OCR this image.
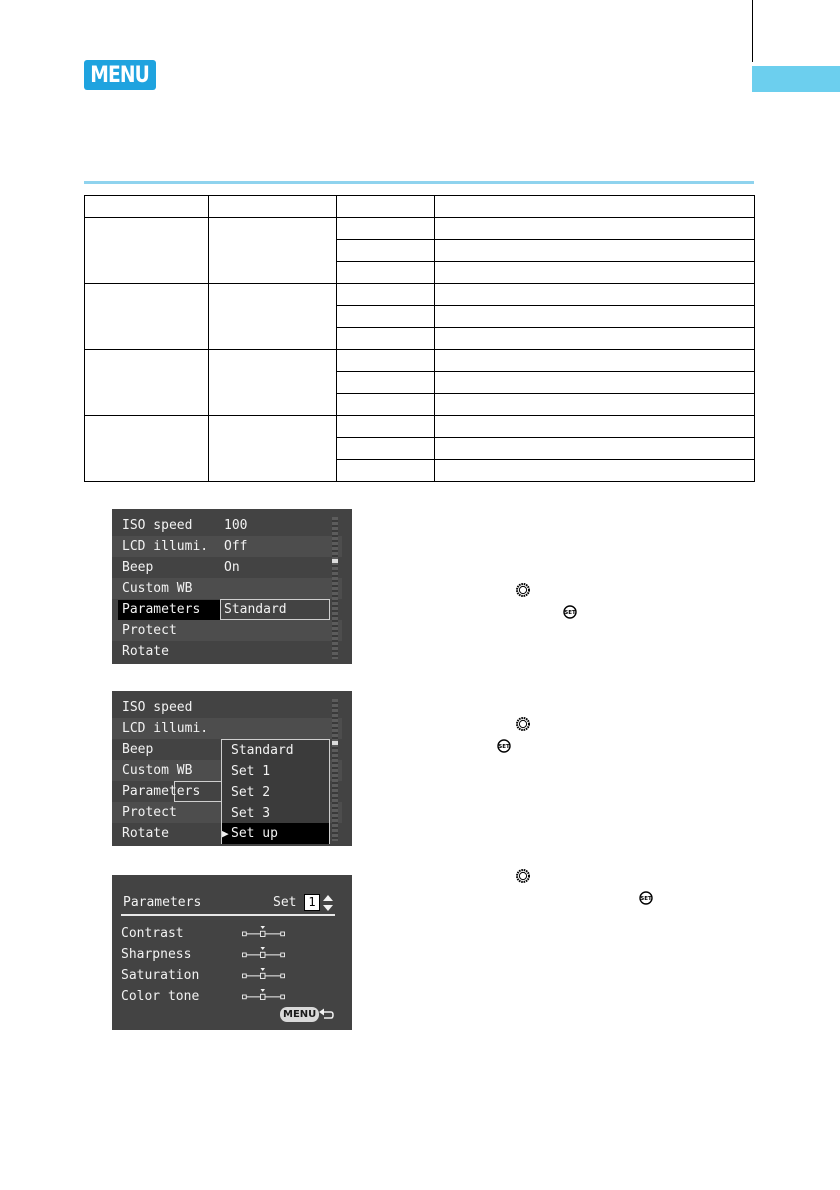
MENU

ISO speed 100
LCD illumi. Off
Beep	On
Custom WB
Parameters Standard
Protect
Rotate
ISO speed
LCD illumi.
Beep
Custom WB
Parameters
Protect
Rotate
Standard
Set 1
Set 2
Set 3
Set up
▶
Parameters	Set 1
Contrast
Sharpness
Saturation
Color tone
MENU
SET
SET
SET
